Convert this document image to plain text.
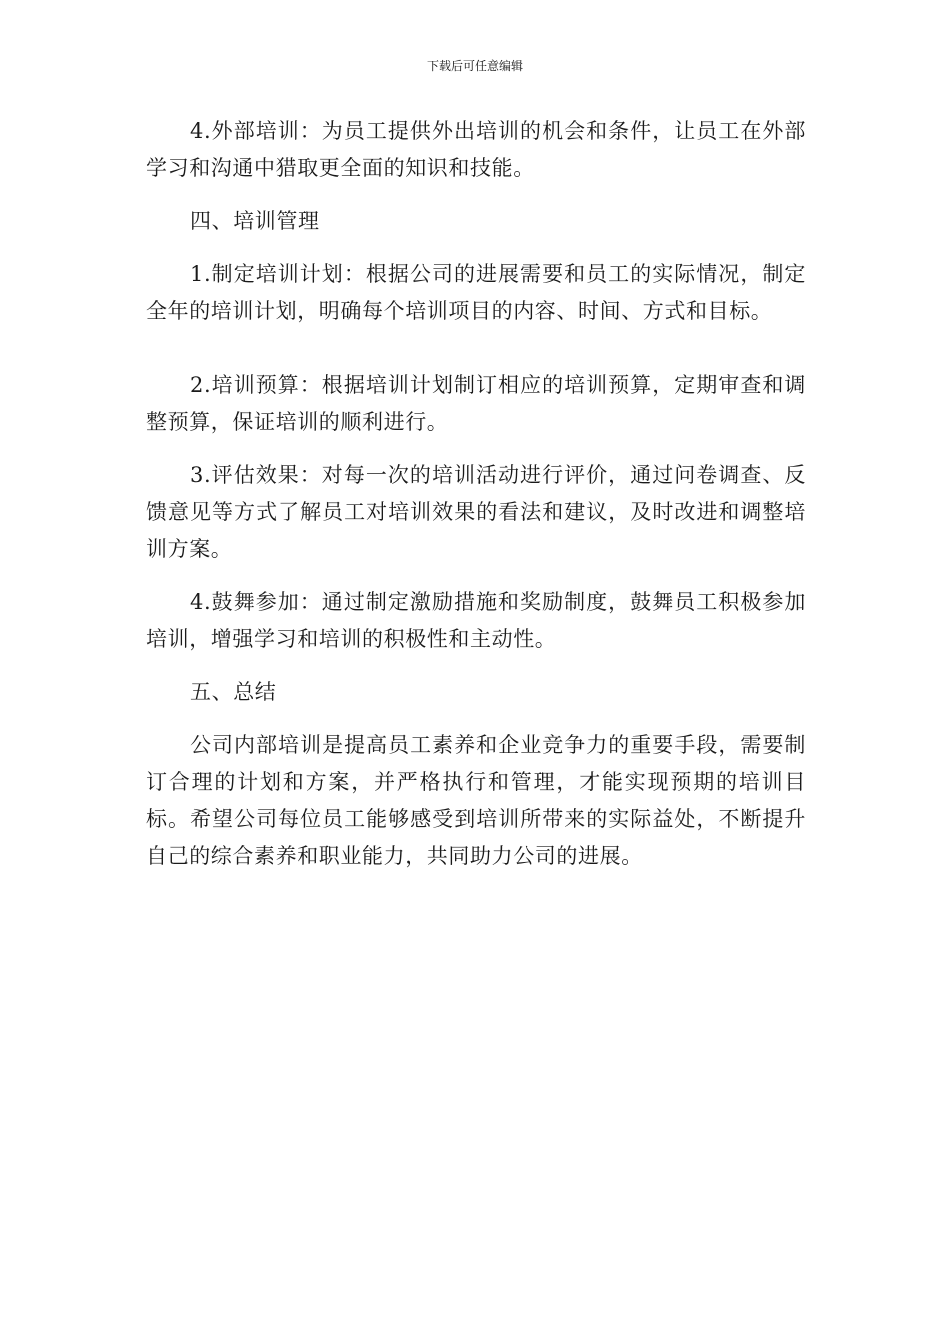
下载后可任意编辑

4.外部培训：为员工提供外出培训的机会和条件，让员工在外部学习和沟通中猎取更全面的知识和技能。

四、培训管理

1.制定培训计划：根据公司的进展需要和员工的实际情况，制定全年的培训计划，明确每个培训项目的内容、时间、方式和目标。

2.培训预算：根据培训计划制订相应的培训预算，定期审查和调整预算，保证培训的顺利进行。

3.评估效果：对每一次的培训活动进行评价，通过问卷调查、反馈意见等方式了解员工对培训效果的看法和建议，及时改进和调整培训方案。

4.鼓舞参加：通过制定激励措施和奖励制度，鼓舞员工积极参加培训，增强学习和培训的积极性和主动性。

五、总结

公司内部培训是提高员工素养和企业竞争力的重要手段，需要制订合理的计划和方案，并严格执行和管理，才能实现预期的培训目标。希望公司每位员工能够感受到培训所带来的实际益处，不断提升自己的综合素养和职业能力，共同助力公司的进展。
